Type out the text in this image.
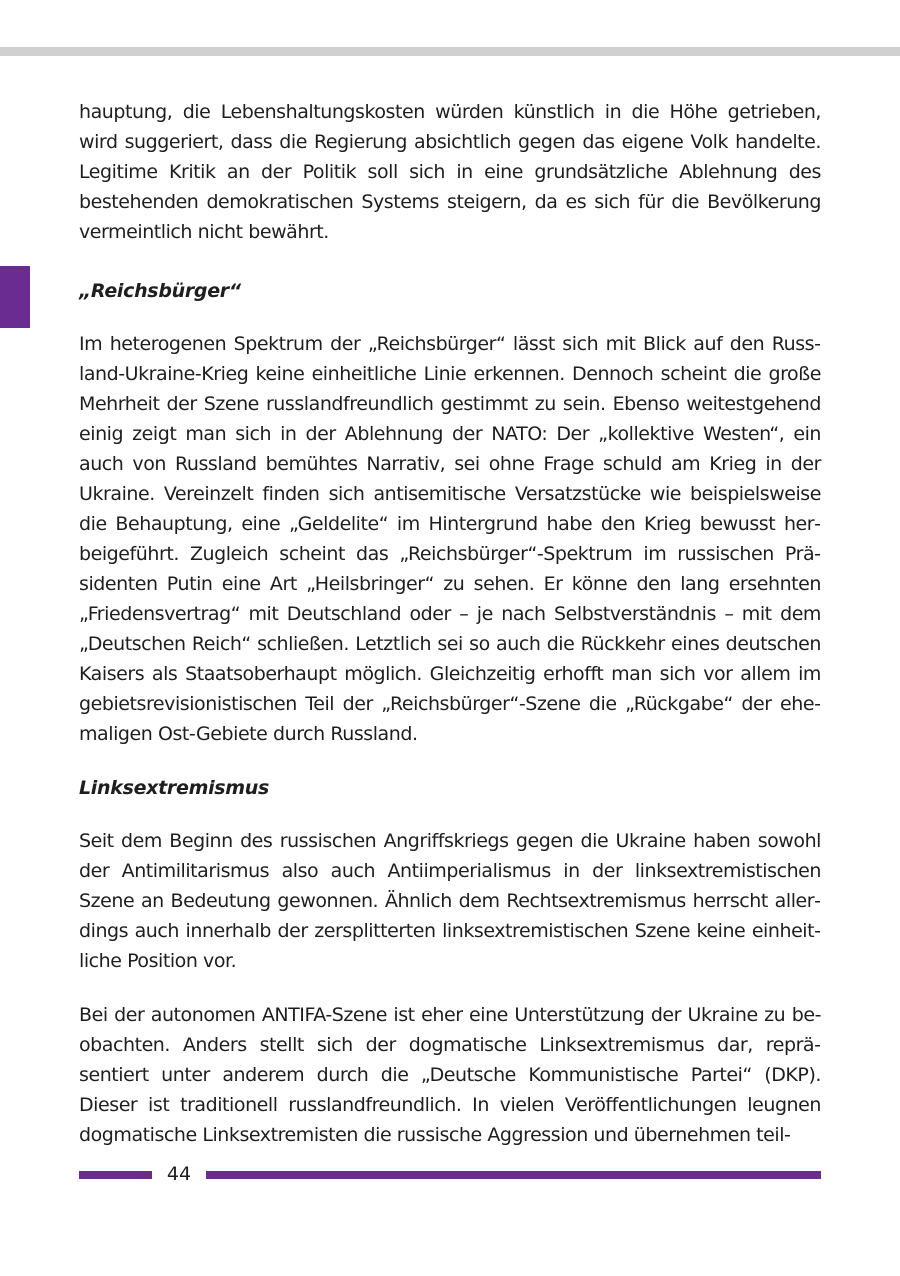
hauptung, die Lebenshaltungskosten würden künstlich in die Höhe getrieben, wird suggeriert, dass die Regierung absichtlich gegen das eigene Volk handelte. Legitime Kritik an der Politik soll sich in eine grundsätzliche Ablehnung des bestehenden demokratischen Systems steigern, da es sich für die Bevölkerung vermeintlich nicht bewährt.

„Reichsbürger“

Im heterogenen Spektrum der „Reichsbürger“ lässt sich mit Blick auf den Russland-Ukraine-Krieg keine einheitliche Linie erkennen. Dennoch scheint die große Mehrheit der Szene russlandfreundlich gestimmt zu sein. Ebenso weitestgehend einig zeigt man sich in der Ablehnung der NATO: Der „kollektive Westen“, ein auch von Russland bemühtes Narrativ, sei ohne Frage schuld am Krieg in der Ukraine. Vereinzelt finden sich antisemitische Versatzstücke wie beispielsweise die Behauptung, eine „Geldelite“ im Hintergrund habe den Krieg bewusst herbeigeführt. Zugleich scheint das „Reichsbürger“-Spektrum im russischen Präsidenten Putin eine Art „Heilsbringer“ zu sehen. Er könne den lang ersehnten „Friedensvertrag“ mit Deutschland oder – je nach Selbstverständnis – mit dem „Deutschen Reich“ schließen. Letztlich sei so auch die Rückkehr eines deutschen Kaisers als Staatsoberhaupt möglich. Gleichzeitig erhofft man sich vor allem im gebietsrevisionistischen Teil der „Reichsbürger“-Szene die „Rückgabe“ der ehemaligen Ost-Gebiete durch Russland.

Linksextremismus

Seit dem Beginn des russischen Angriffskriegs gegen die Ukraine haben sowohl der Antimilitarismus also auch Antiimperialismus in der linksextremistischen Szene an Bedeutung gewonnen. Ähnlich dem Rechtsextremismus herrscht allerdings auch innerhalb der zersplitterten linksextremistischen Szene keine einheitliche Position vor.

Bei der autonomen ANTIFA-Szene ist eher eine Unterstützung der Ukraine zu be-obachten. Anders stellt sich der dogmatische Linksextremismus dar, repräsentiert unter anderem durch die „Deutsche Kommunistische Partei“ (DKP). Dieser ist traditionell russlandfreundlich. In vielen Veröffentlichungen leugnen dogmatische Linksextremisten die russische Aggression und übernehmen teil-

44
